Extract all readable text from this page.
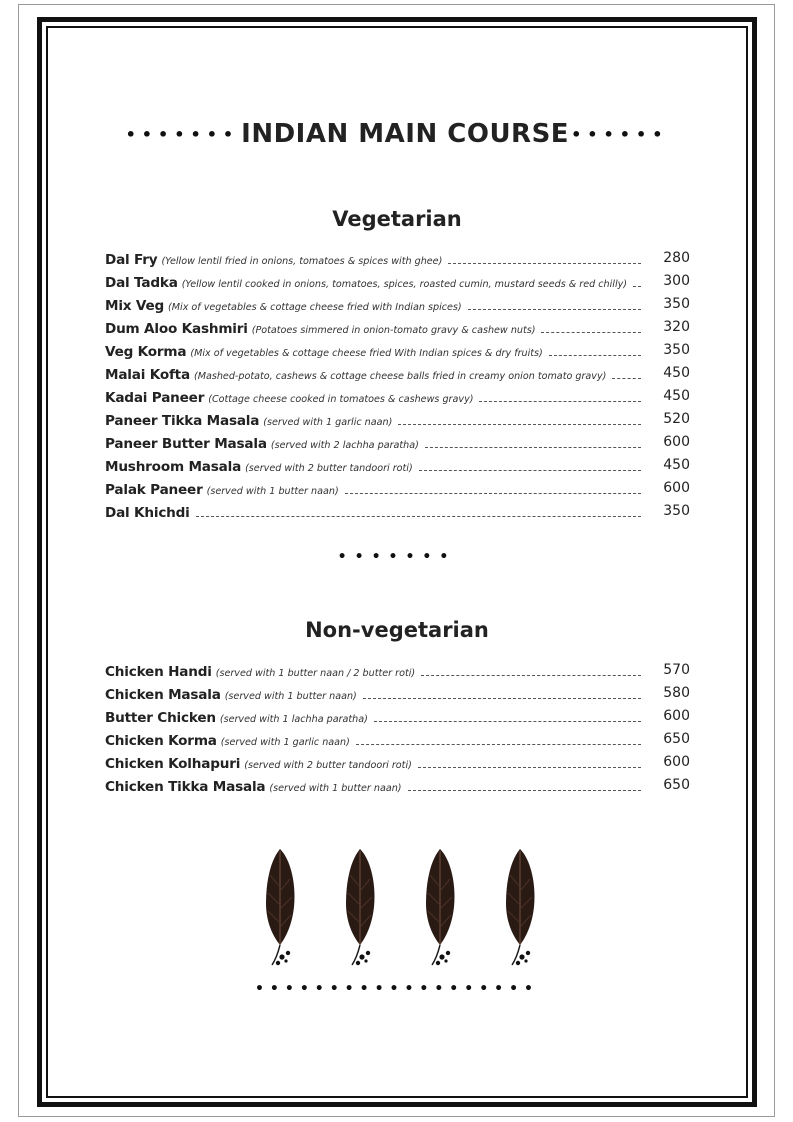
••••••• INDIAN MAIN COURSE ••••••
Vegetarian
Dal Fry (Yellow lentil fried in onions, tomatoes & spices with ghee)	280
Dal Tadka (Yellow lentil cooked in onions, tomatoes, spices, roasted cumin, mustard seeds & red chilly)	300
Mix Veg (Mix of vegetables & cottage cheese fried with Indian spices)	350
Dum Aloo Kashmiri (Potatoes simmered in onion-tomato gravy & cashew nuts)	320
Veg Korma (Mix of vegetables & cottage cheese fried With Indian spices & dry fruits)	350
Malai Kofta (Mashed-potato, cashews & cottage cheese balls fried in creamy onion tomato gravy)	450
Kadai Paneer (Cottage cheese cooked in tomatoes & cashews gravy)	450
Paneer Tikka Masala (served with 1 garlic naan)	520
Paneer Butter Masala (served with 2 lachha paratha)	600
Mushroom Masala (served with 2 butter tandoori roti)	450
Palak Paneer (served with 1 butter naan)	600
Dal Khichdi	350
•••••••
Non-vegetarian
Chicken Handi (served with 1 butter naan / 2 butter roti)	570
Chicken Masala (served with 1 butter naan)	580
Butter Chicken (served with 1 lachha paratha)	600
Chicken Korma (served with 1 garlic naan)	650
Chicken Kolhapuri (served with 2 butter tandoori roti)	600
Chicken Tikka Masala (served with 1 butter naan)	650
•••••••••••••••••••
